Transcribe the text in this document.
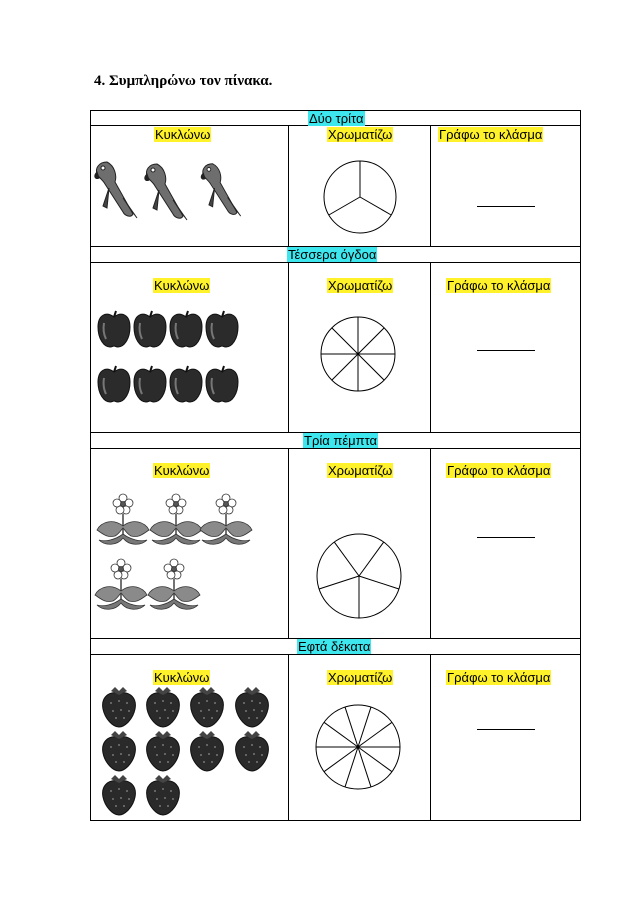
4. Συμπληρώνω τον πίνακα.
Δύο τρίτα
Κυκλώνω	Χρωματίζω	Γράφω το κλάσμα
Τέσσερα όγδοα
Κυκλώνω	Χρωματίζω	Γράφω το κλάσμα
Τρία πέμπτα
Κυκλώνω	Χρωματίζω	Γράφω το κλάσμα
Εφτά δέκατα
Κυκλώνω	Χρωματίζω	Γράφω το κλάσμα
